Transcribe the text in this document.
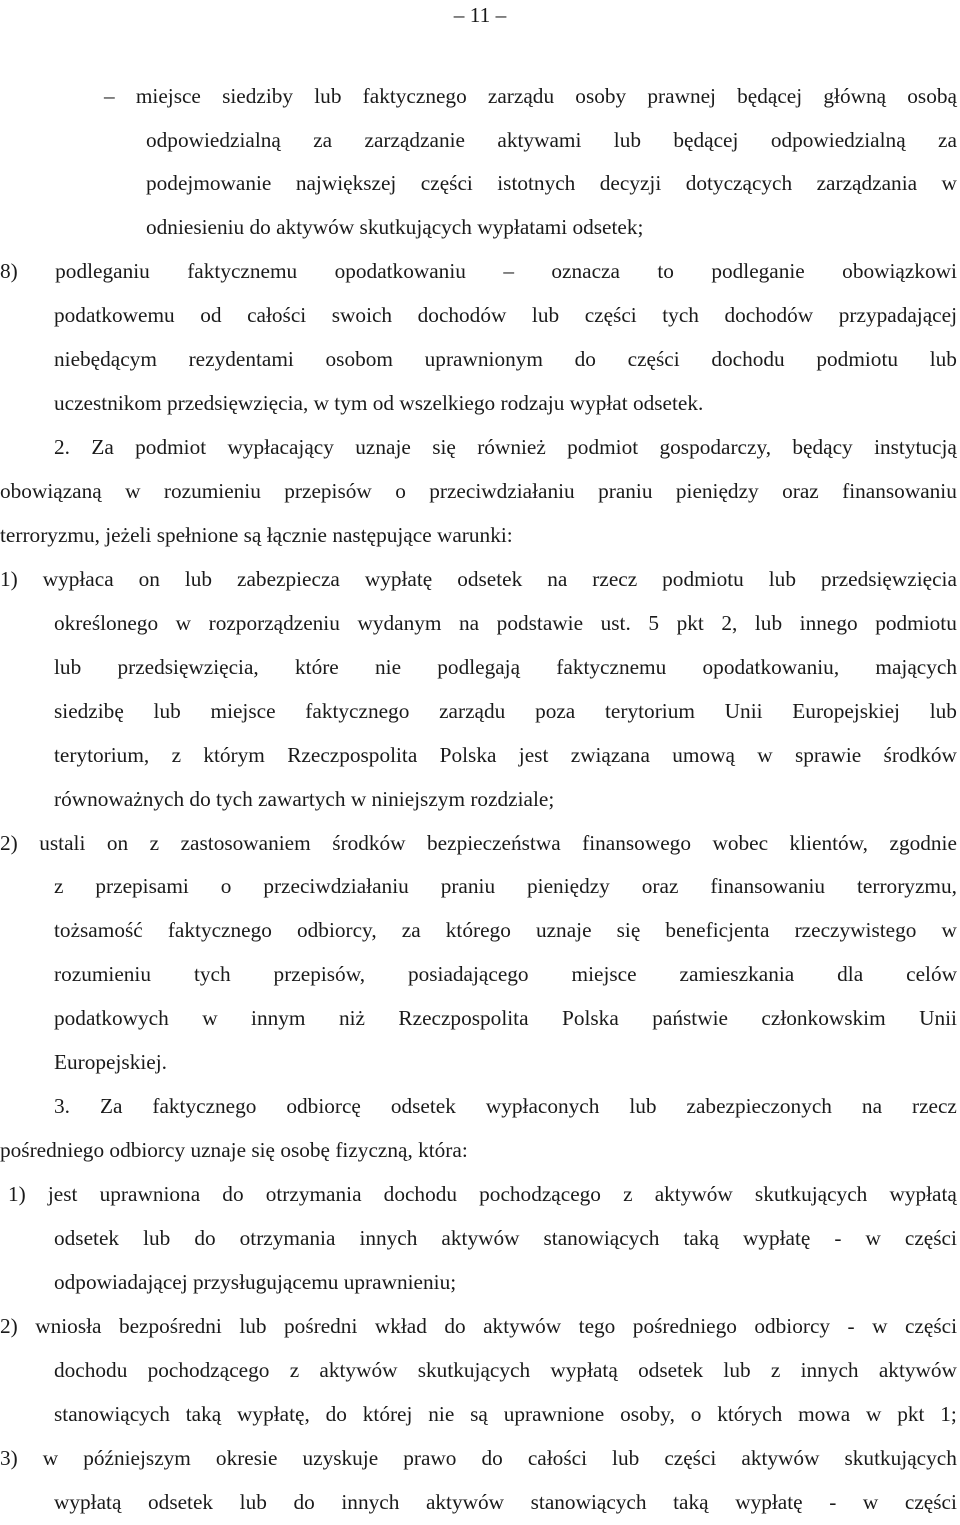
– 11 –
– miejsce siedziby lub faktycznego zarządu osoby prawnej będącej główną osobą
odpowiedzialną za zarządzanie aktywami lub będącej odpowiedzialną za
podejmowanie największej części istotnych decyzji dotyczących zarządzania w
odniesieniu do aktywów skutkujących wypłatami odsetek;
8) podleganiu faktycznemu opodatkowaniu – oznacza to podleganie obowiązkowi
podatkowemu od całości swoich dochodów lub części tych dochodów przypadającej
niebędącym rezydentami osobom uprawnionym do części dochodu podmiotu lub
uczestnikom przedsięwzięcia, w tym od wszelkiego rodzaju wypłat odsetek.
2. Za podmiot wypłacający uznaje się również podmiot gospodarczy, będący instytucją
obowiązaną w rozumieniu przepisów o przeciwdziałaniu praniu pieniędzy oraz finansowaniu
terroryzmu, jeżeli spełnione są łącznie następujące warunki:
1) wypłaca on lub zabezpiecza wypłatę odsetek na rzecz podmiotu lub przedsięwzięcia
określonego w rozporządzeniu wydanym na podstawie ust. 5 pkt 2, lub innego podmiotu
lub przedsięwzięcia, które nie podlegają faktycznemu opodatkowaniu, mających
siedzibę lub miejsce faktycznego zarządu poza terytorium Unii Europejskiej lub
terytorium, z którym Rzeczpospolita Polska jest związana umową w sprawie środków
równoważnych do tych zawartych w niniejszym rozdziale;
2) ustali on z zastosowaniem środków bezpieczeństwa finansowego wobec klientów, zgodnie
z przepisami o przeciwdziałaniu praniu pieniędzy oraz finansowaniu terroryzmu,
tożsamość faktycznego odbiorcy, za którego uznaje się beneficjenta rzeczywistego w
rozumieniu tych przepisów, posiadającego miejsce zamieszkania dla celów
podatkowych w innym niż Rzeczpospolita Polska państwie członkowskim Unii
Europejskiej.
3. Za faktycznego odbiorcę odsetek wypłaconych lub zabezpieczonych na rzecz
pośredniego odbiorcy uznaje się osobę fizyczną, która:
1) jest uprawniona do otrzymania dochodu pochodzącego z aktywów skutkujących wypłatą
odsetek lub do otrzymania innych aktywów stanowiących taką wypłatę - w części
odpowiadającej przysługującemu uprawnieniu;
2) wniosła bezpośredni lub pośredni wkład do aktywów tego pośredniego odbiorcy - w części
dochodu pochodzącego z aktywów skutkujących wypłatą odsetek lub z innych aktywów
stanowiących taką wypłatę, do której nie są uprawnione osoby, o których mowa w pkt 1;
3) w późniejszym okresie uzyskuje prawo do całości lub części aktywów skutkujących
wypłatą odsetek lub do innych aktywów stanowiących taką wypłatę - w części
